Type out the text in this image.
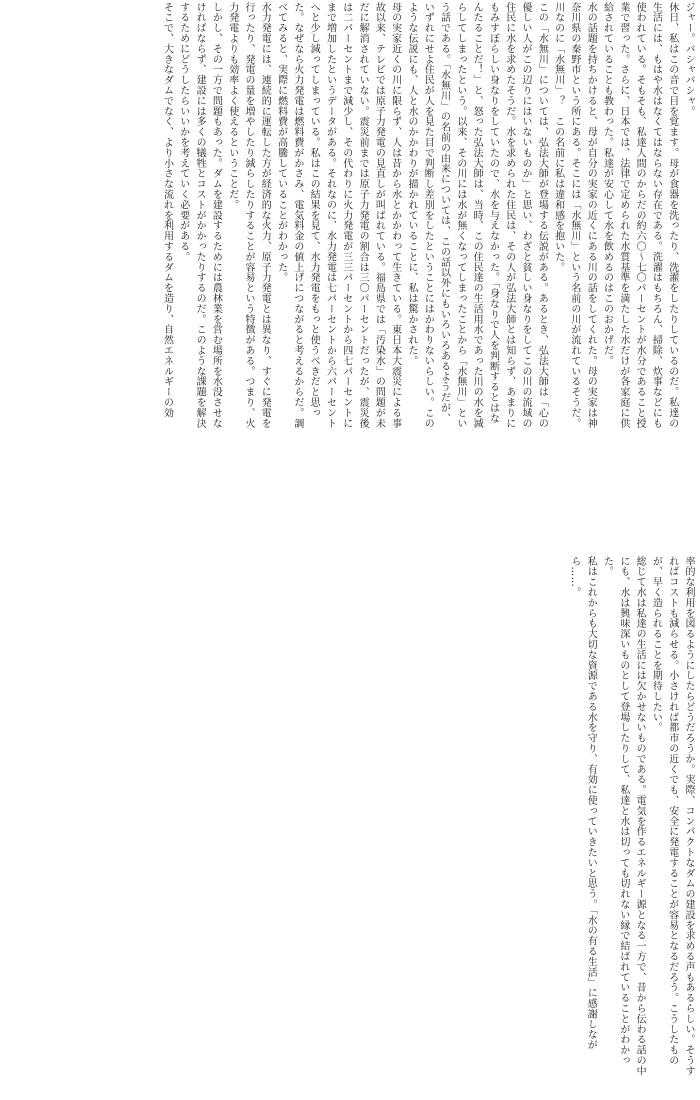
ジャー。バシャバシャ。

休日、私はこの音で目を覚ます。母が食器を洗ったり、洗濯をしたりしているのだ。私達の生活には、もはや水はなくてはならない存在である。洗濯はもちろん、掃除、炊事などにも使われている。そもそも、私達人間のからだの約六〇～七〇パーセントが水分であること授業で習った。さらに、日本では、法律で定められた水質基準を満たした水だけが各家庭に供給されていることも教わった。私達が安心して水を飲めるのはこのおかげだ。

水の話題を持ちかけると、母が自分の実家の近くにある川の話をしてくれた。母の実家は神奈川県の秦野市という所にある。そこには「水無川」という名前の川が流れているそうだ。川なのに「水無川」？　この名前に私は違和感を抱いた。

この「水無川」については、弘法大師が登場する伝説がある。あるとき、弘法大師は「心の優しい人がこの辺りにはいないものか」と思い、わざと貧しい身なりをしてこの川の流域の住民に水を求めたそうだ。水を求められた住民は、その人が弘法大師とは知らず、あまりにもみすぼらしい身なりをしていたので、水を与えなかった。「身なりで人を判断するとはなんたることだ！」と、怒った弘法大師は、当時、この住民達の生活用水であった川の水を減らしてしまったという。以来、その川には水が無くなってしまったことから「水無川」という話である。「水無川」の名前の由来については、この話以外にもいろいろあるようだが、いずれにせよ住民が人を見た目で判断し差別をしたということにはかわりないらしい。このような伝説にも、人と水のかかわりが描かれていることに、私は驚かされた。

母の実家近くの川に限らず、人は昔から水とかかわって生きている。東日本大震災による事故以来、テレビでは原子力発電の見直しが叫ばれている。福島県では「汚染水」の問題が未だに解消されていない。震災前までは原子力発電の割合は三〇パーセントだったが、震災後は二パーセントまで減少し、その代わりに火力発電が三三パーセントから四七パーセントにまで増加したというデータがある。それなのに、水力発電は七パーセントから六パーセントへと少し減ってしまっている。私はこの結果を見て、水力発電をもっと使うべきだと思った。なぜなら火力発電は燃料費がかさみ、電気料金の値上げにつながると考えるからだ。調べてみると、実際に燃料費が高騰していることがわかった。

水力発電には、連続的に運転した方が経済的な火力、原子力発電とは異なり、すぐに発電を行ったり、発電の量を増やしたり減らしたりすることが容易という特徴がある。つまり、火力発電よりも効率よく使えるということだ。

しかし、その一方で問題もあった。ダムを建設するためには農林業を営む場所を水没させなければならず、建設には多くの犠牲とコストがかかったりするのだ。このような課題を解決するためにどうしたらいいかを考えていく必要がある。

そこで、大きなダムでなく、より小さな流れを利用するダムを造り、自然エネルギーの効

率的な利用を図るようにしたらどうだろうか。実際、コンパクトなダムの建設を求める声もあるらしい。そうすればコストも減らせる。小さければ都市の近くでも、安全に発電することが容易となるだろう。こうしたものが、早く造られることを期待したい。

総じて水は私達の生活には欠かせないものである。電気を作るエネルギー源となる一方で、昔から伝わる話の中にも、水は興味深いものとして登場したりして、私達と水は切っても切れない縁で結ばれていることがわかった。

私はこれからも大切な資源である水を守り、有効に使っていきたいと思う。「水の有る生活」に感謝しながら……。
